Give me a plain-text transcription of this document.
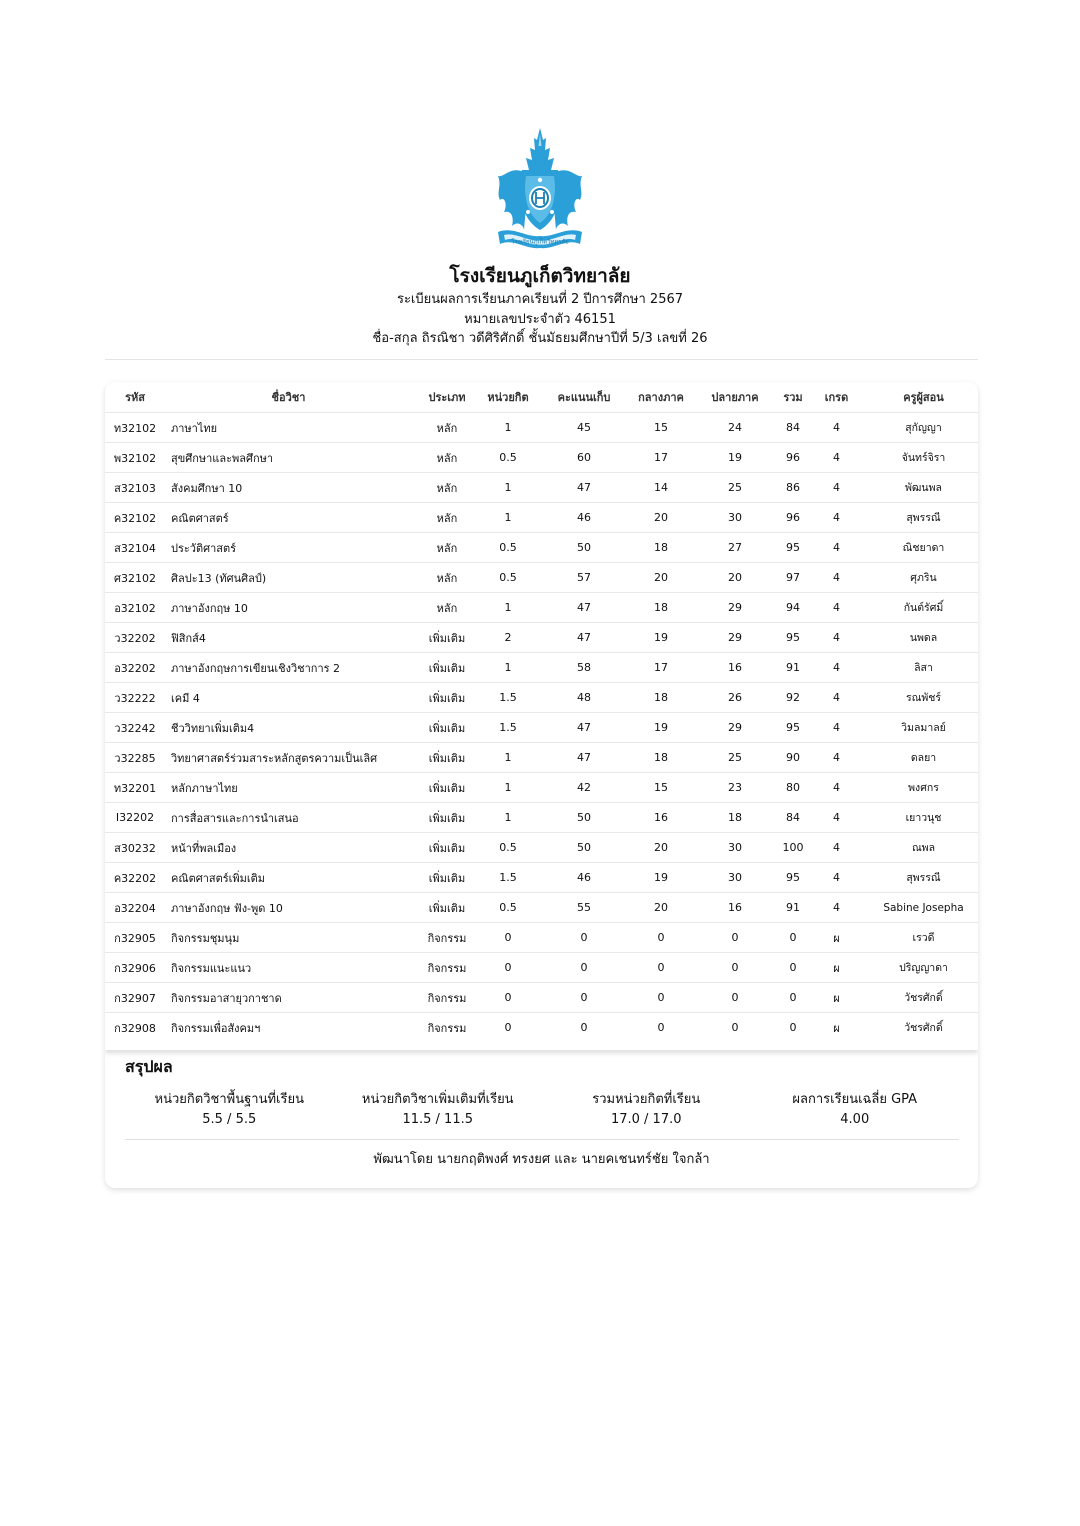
โรงเรียนภูเก็ตวิทยาลัย
โรงเรียนภูเก็ตวิทยาลัย
ระเบียนผลการเรียนภาคเรียนที่ 2 ปีการศึกษา 2567
หมายเลขประจำตัว 46151
ชื่อ-สกุล ถิรณิชา วดีศิริศักดิ์ ชั้นมัธยมศึกษาปีที่ 5/3 เลขที่ 26
รหัส	ชื่อวิชา	ประเภท	หน่วยกิต	คะแนนเก็บ	กลางภาค	ปลายภาค	รวม	เกรด	ครูผู้สอน
ท32102	ภาษาไทย	หลัก	1	45	15	24	84	4	สุกัญญา
พ32102	สุขศึกษาและพลศึกษา	หลัก	0.5	60	17	19	96	4	จันทร์จิรา
ส32103	สังคมศึกษา 10	หลัก	1	47	14	25	86	4	พัฒนพล
ค32102	คณิตศาสตร์	หลัก	1	46	20	30	96	4	สุพรรณี
ส32104	ประวัติศาสตร์	หลัก	0.5	50	18	27	95	4	ณิชยาดา
ศ32102	ศิลปะ13 (ทัศนศิลป์)	หลัก	0.5	57	20	20	97	4	ศุภริน
อ32102	ภาษาอังกฤษ 10	หลัก	1	47	18	29	94	4	กันต์รัศมิ์
ว32202	ฟิสิกส์4	เพิ่มเติม	2	47	19	29	95	4	นพดล
อ32202	ภาษาอังกฤษการเขียนเชิงวิชาการ 2	เพิ่มเติม	1	58	17	16	91	4	ลิสา
ว32222	เคมี 4	เพิ่มเติม	1.5	48	18	26	92	4	รณพัชร์
ว32242	ชีววิทยาเพิ่มเติม4	เพิ่มเติม	1.5	47	19	29	95	4	วิมลมาลย์
ว32285	วิทยาศาสตร์ร่วมสาระหลักสูตรความเป็นเลิศ	เพิ่มเติม	1	47	18	25	90	4	ดลยา
ท32201	หลักภาษาไทย	เพิ่มเติม	1	42	15	23	80	4	พงศกร
I32202	การสื่อสารและการนำเสนอ	เพิ่มเติม	1	50	16	18	84	4	เยาวนุช
ส30232	หน้าที่พลเมือง	เพิ่มเติม	0.5	50	20	30	100	4	ณพล
ค32202	คณิตศาสตร์เพิ่มเติม	เพิ่มเติม	1.5	46	19	30	95	4	สุพรรณี
อ32204	ภาษาอังกฤษ ฟัง-พูด 10	เพิ่มเติม	0.5	55	20	16	91	4	Sabine Josepha
ก32905	กิจกรรมชุมนุม	กิจกรรม	0	0	0	0	0	ผ	เรวดี
ก32906	กิจกรรมแนะแนว	กิจกรรม	0	0	0	0	0	ผ	ปริญญาดา
ก32907	กิจกรรมอาสายุวกาชาด	กิจกรรม	0	0	0	0	0	ผ	วัชรศักดิ์
ก32908	กิจกรรมเพื่อสังคมฯ	กิจกรรม	0	0	0	0	0	ผ	วัชรศักดิ์
สรุปผล
หน่วยกิตวิชาพื้นฐานที่เรียน
5.5 / 5.5
หน่วยกิตวิชาเพิ่มเติมที่เรียน
11.5 / 11.5
รวมหน่วยกิตที่เรียน
17.0 / 17.0
ผลการเรียนเฉลี่ย GPA
4.00
พัฒนาโดย นายกฤติพงศ์ ทรงยศ และ นายคเชนทร์ชัย ใจกล้า
